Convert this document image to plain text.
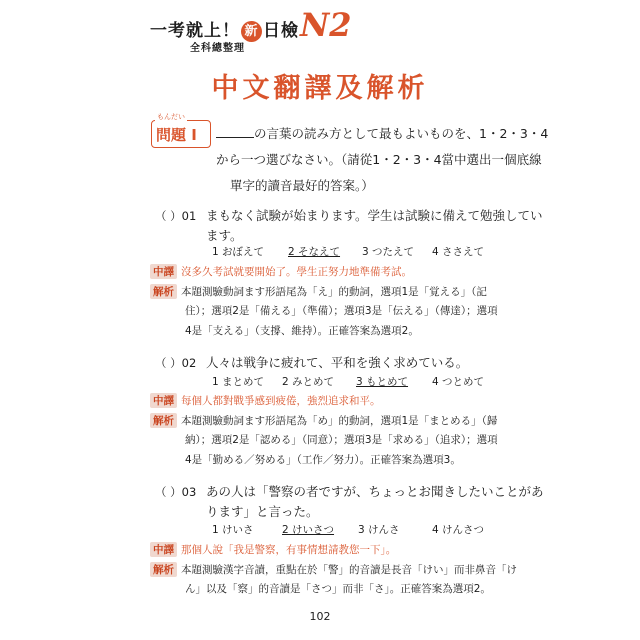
一考就上！ 新 日檢 N2
全科總整理
中文翻譯及解析
もんだい
問題 I	の言葉の読み方として最もよいものを、1・2・3・4
から一つ選びなさい。（請從1・2・3・4當中選出一個底線
單字的讀音最好的答案。）
（ ）01 まもなく試験が始まります。学生は試験に備えて勉強してい
ます。
1 おぼえて 2 そなえて 3 つたえて 4 ささえて
中譯 沒多久考試就要開始了。學生正努力地準備考試。
解析 本題測驗動詞ます形語尾為「え」的動詞，選項1是「覚える」（記
住）；選項2是「備える」（準備）；選項3是「伝える」（傳達）；選項
4是「支える」（支撐、維持）。正確答案為選項2。
（ ）02 人々は戦争に疲れて、平和を強く求めている。
1 まとめて 2 みとめて 3 もとめて 4 つとめて
中譯 每個人都對戰爭感到疲倦，強烈追求和平。
解析 本題測驗動詞ます形語尾為「め」的動詞，選項1是「まとめる」（歸
納）；選項2是「認める」（同意）；選項3是「求める」（追求）；選項
4是「勤める／努める」（工作／努力）。正確答案為選項3。
（ ）03 あの人は「警察の者ですが、ちょっとお聞きしたいことがあ
ります」と言った。
1 けいさ	2 けいさつ 3 けんさ	4 けんさつ
中譯 那個人說「我是警察，有事情想請教您一下」。
解析 本題測驗漢字音讀，重點在於「警」的音讀是長音「けい」而非鼻音「け
ん」以及「察」的音讀是「さつ」而非「さ」。正確答案為選項2。
102
